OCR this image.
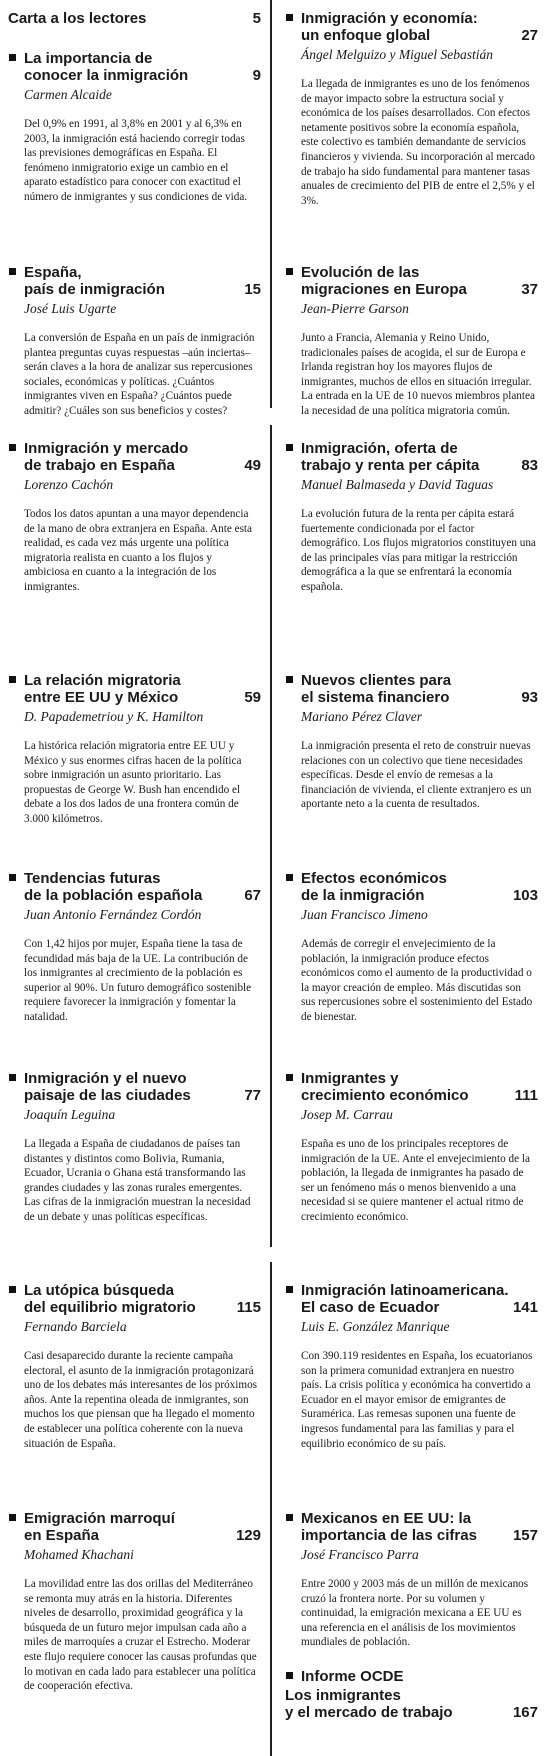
Carta a los lectores	5
La importancia de
conocer la inmigración	9
Carmen Alcaide
Del 0,9% en 1991, al 3,8% en 2001 y al 6,3% en 2003, la inmigración está haciendo corregir todas las previsiones demográficas en España. El fenómeno inmigratorio exige un cambio en el aparato estadístico para conocer con exactitud el número de inmigrantes y sus condiciones de vida.
España,
país de inmigración	15
José Luis Ugarte
La conversión de España en un país de inmigración plantea preguntas cuyas respuestas –aún inciertas– serán claves a la hora de analizar sus repercusiones sociales, económicas y políticas. ¿Cuántos inmigrantes viven en España? ¿Cuántos puede admitir? ¿Cuáles son sus beneficios y costes?
Inmigración y mercado
de trabajo en España	49
Lorenzo Cachón
Todos los datos apuntan a una mayor dependencia de la mano de obra extranjera en España. Ante esta realidad, es cada vez más urgente una política migratoria realista en cuanto a los flujos y ambiciosa en cuanto a la integración de los inmigrantes.
La relación migratoria
entre EE UU y México	59
D. Papademetriou y K. Hamilton
La histórica relación migratoria entre EE UU y México y sus enormes cifras hacen de la política sobre inmigración un asunto prioritario. Las propuestas de George W. Bush han encendido el debate a los dos lados de una frontera común de 3.000 kilómetros.
Tendencias futuras
de la población española	67
Juan Antonio Fernández Cordón
Con 1,42 hijos por mujer, España tiene la tasa de fecundidad más baja de la UE. La contribución de los inmigrantes al crecimiento de la población es superior al 90%. Un futuro demográfico sostenible requiere favorecer la inmigración y fomentar la natalidad.
Inmigración y el nuevo
paisaje de las ciudades	77
Joaquín Leguina
La llegada a España de ciudadanos de países tan distantes y distintos como Bolivia, Rumania, Ecuador, Ucrania o Ghana está transformando las grandes ciudades y las zonas rurales emergentes. Las cifras de la inmigración muestran la necesidad de un debate y unas políticas específicas.
La utópica búsqueda
del equilibrio migratorio	115
Fernando Barciela
Casi desaparecido durante la reciente campaña electoral, el asunto de la inmigración protagonizará uno de los debates más interesantes de los próximos años. Ante la repentina oleada de inmigrantes, son muchos los que piensan que ha llegado el momento de establecer una política coherente con la nueva situación de España.
Emigración marroquí
en España	129
Mohamed Khachani
La movilidad entre las dos orillas del Mediterráneo se remonta muy atrás en la historia. Diferentes niveles de desarrollo, proximidad geográfica y la búsqueda de un futuro mejor impulsan cada año a miles de marroquíes a cruzar el Estrecho. Moderar este flujo requiere conocer las causas profundas que lo motivan en cada lado para establecer una política de cooperación efectiva.
Inmigración y economía:
un enfoque global	27
Ángel Melguizo y Miguel Sebastián
La llegada de inmigrantes es uno de los fenómenos de mayor impacto sobre la estructura social y económica de los países desarrollados. Con efectos netamente positivos sobre la economía española, este colectivo es también demandante de servicios financieros y vivienda. Su incorporación al mercado de trabajo ha sido fundamental para mantener tasas anuales de crecimiento del PIB de entre el 2,5% y el 3%.
Evolución de las
migraciones en Europa	37
Jean-Pierre Garson
Junto a Francia, Alemania y Reino Unido, tradicionales países de acogida, el sur de Europa e Irlanda registran hoy los mayores flujos de inmigrantes, muchos de ellos en situación irregular. La entrada en la UE de 10 nuevos miembros plantea la necesidad de una política migratoria común.
Inmigración, oferta de
trabajo y renta per cápita	83
Manuel Balmaseda y David Taguas
La evolución futura de la renta per cápita estará fuertemente condicionada por el factor demográfico. Los flujos migratorios constituyen una de las principales vías para mitigar la restricción demográfica a la que se enfrentará la economía española.
Nuevos clientes para
el sistema financiero	93
Mariano Pérez Claver
La inmigración presenta el reto de construir nuevas relaciones con un colectivo que tiene necesidades específicas. Desde el envío de remesas a la financiación de vivienda, el cliente extranjero es un aportante neto a la cuenta de resultados.
Efectos económicos
de la inmigración	103
Juan Francisco Jimeno
Además de corregir el envejecimiento de la población, la inmigración produce efectos económicos como el aumento de la productividad o la mayor creación de empleo. Más discutidas son sus repercusiones sobre el sostenimiento del Estado de bienestar.
Inmigrantes y
crecimiento económico	111
Josep M. Carrau
España es uno de los principales receptores de inmigración de la UE. Ante el envejecimiento de la población, la llegada de inmigrantes ha pasado de ser un fenómeno más o menos bienvenido a una necesidad si se quiere mantener el actual ritmo de crecimiento económico.
Inmigración latinoamericana.
El caso de Ecuador	141
Luis E. González Manrique
Con 390.119 residentes en España, los ecuatorianos son la primera comunidad extranjera en nuestro país. La crisis política y económica ha convertido a Ecuador en el mayor emisor de emigrantes de Suramérica. Las remesas suponen una fuente de ingresos fundamental para las familias y para el equilibrio económico de su país.
Mexicanos en EE UU: la
importancia de las cifras	157
José Francisco Parra
Entre 2000 y 2003 más de un millón de mexicanos cruzó la frontera norte. Por su volumen y continuidad, la emigración mexicana a EE UU es una referencia en el análisis de los movimientos mundiales de población.
Informe OCDE
Los inmigrantes
y el mercado de trabajo	167
